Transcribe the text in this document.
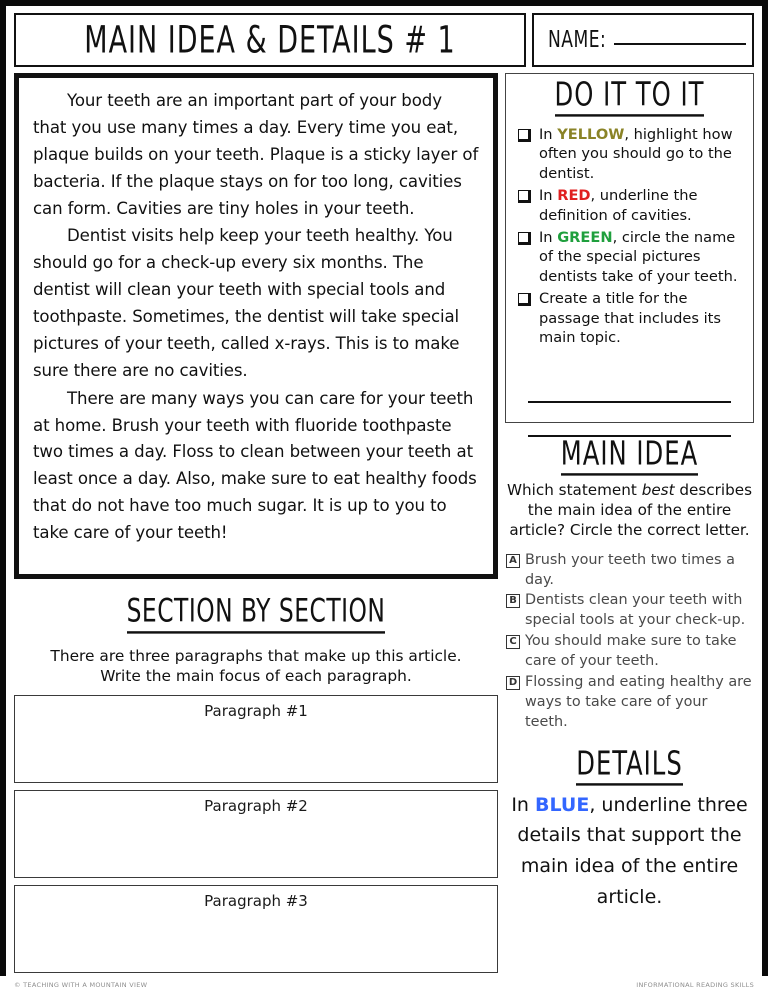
MAIN IDEA & DETAILS # 1	NAME:

Your teeth are an important part of your body that you use many times a day. Every time you eat, plaque builds on your teeth. Plaque is a sticky layer of bacteria. If the plaque stays on for too long, cavities can form. Cavities are tiny holes in your teeth.

Dentist visits help keep your teeth healthy. You should go for a check-up every six months. The dentist will clean your teeth with special tools and toothpaste. Sometimes, the dentist will take special pictures of your teeth, called x-rays. This is to make sure there are no cavities.

There are many ways you can care for your teeth at home. Brush your teeth with fluoride toothpaste two times a day. Floss to clean between your teeth at least once a day. Also, make sure to eat healthy foods that do not have too much sugar. It is up to you to take care of your teeth!

SECTION BY SECTION
There are three paragraphs that make up this article.
Write the main focus of each paragraph.
Paragraph #1
Paragraph #2
Paragraph #3
DO IT TO IT
In YELLOW, highlight how often you should go to the dentist.
In RED, underline the definition of cavities.
In GREEN, circle the name of the special pictures dentists take of your teeth.
Create a title for the passage that includes its main topic.
MAIN IDEA
Which statement best describes the main idea of the entire article? Circle the correct letter.
A Brush your teeth two times a day.
B Dentists clean your teeth with special tools at your check-up.
C You should make sure to take care of your teeth.
D Flossing and eating healthy are ways to take care of your teeth.
DETAILS
In BLUE, underline three details that support the main idea of the entire article.
© TEACHING WITH A MOUNTAIN VIEW	INFORMATIONAL READING SKILLS
